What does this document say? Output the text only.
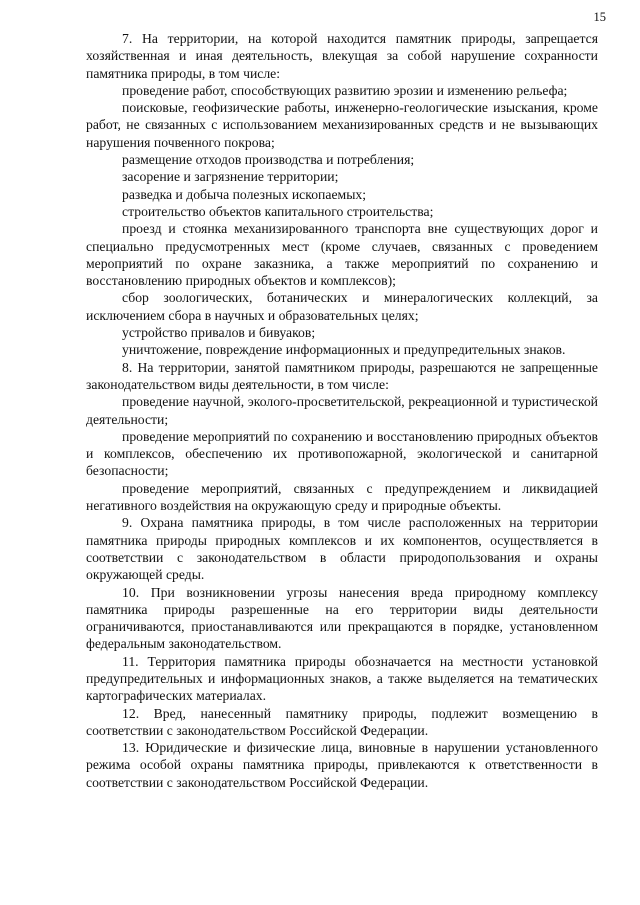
15

7. На территории, на которой находится памятник природы, запрещается хозяйственная и иная деятельность, влекущая за собой нарушение сохранности памятника природы, в том числе:

проведение работ, способствующих развитию эрозии и изменению рельефа;

поисковые, геофизические работы, инженерно-геологические изыскания, кроме работ, не связанных с использованием механизированных средств и не вызывающих нарушения почвенного покрова;

размещение отходов производства и потребления;

засорение и загрязнение территории;

разведка и добыча полезных ископаемых;

строительство объектов капитального строительства;

проезд и стоянка механизированного транспорта вне существующих дорог и специально предусмотренных мест (кроме случаев, связанных с проведением мероприятий по охране заказника, а также мероприятий по сохранению и восстановлению природных объектов и комплексов);

сбор зоологических, ботанических и минералогических коллекций, за исключением сбора в научных и образовательных целях;

устройство привалов и бивуаков;

уничтожение, повреждение информационных и предупредительных знаков.

8. На территории, занятой памятником природы, разрешаются не запрещенные законодательством виды деятельности, в том числе:

проведение научной, эколого-просветительской, рекреационной и туристической деятельности;

проведение мероприятий по сохранению и восстановлению природных объектов и комплексов, обеспечению их противопожарной, экологической и санитарной безопасности;

проведение мероприятий, связанных с предупреждением и ликвидацией негативного воздействия на окружающую среду и природные объекты.

9. Охрана памятника природы, в том числе расположенных на территории памятника природы природных комплексов и их компонентов, осуществляется в соответствии с законодательством в области природопользования и охраны окружающей среды.

10. При возникновении угрозы нанесения вреда природному комплексу памятника природы разрешенные на его территории виды деятельности ограничиваются, приостанавливаются или прекращаются в порядке, установленном федеральным законодательством.

11. Территория памятника природы обозначается на местности установкой предупредительных и информационных знаков, а также выделяется на тематических картографических материалах.

12. Вред, нанесенный памятнику природы, подлежит возмещению в соответствии с законодательством Российской Федерации.

13. Юридические и физические лица, виновные в нарушении установленного режима особой охраны памятника природы, привлекаются к ответственности в соответствии с законодательством Российской Федерации.
